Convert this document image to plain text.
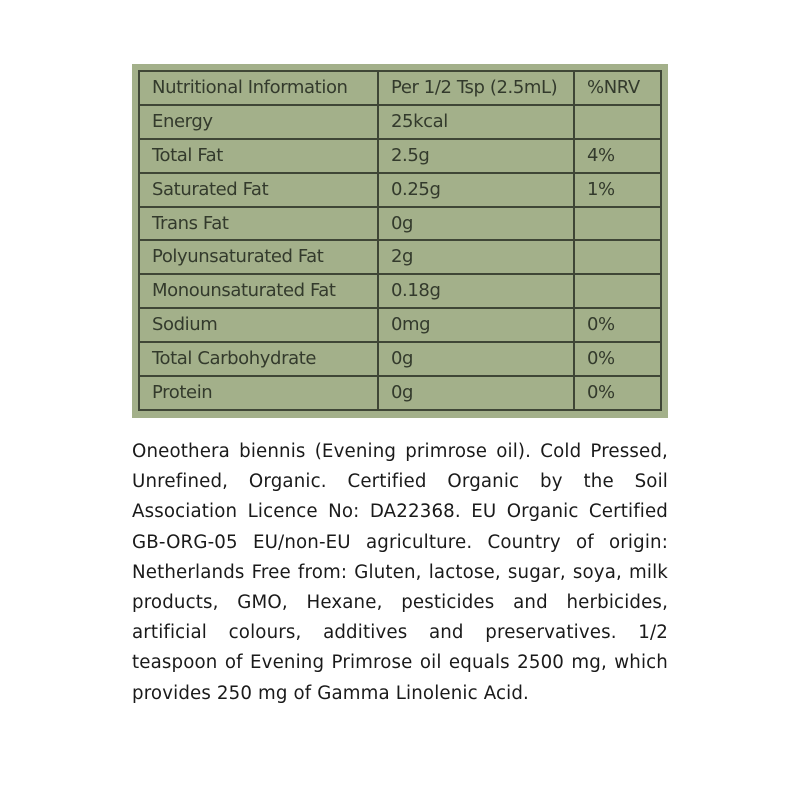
Nutritional Information	Per 1/2 Tsp (2.5mL)	%NRV
Energy	25kcal	
Total Fat	2.5g	4%
Saturated Fat	0.25g	1%
Trans Fat	0g	
Polyunsaturated Fat	2g	
Monounsaturated Fat	0.18g	
Sodium	0mg	0%
Total Carbohydrate	0g	0%
Protein	0g	0%

Oneothera biennis (Evening primrose oil). Cold Pressed, Unrefined, Organic. Certified Organic by the Soil Association Licence No: DA22368. EU Organic Certified GB-ORG-05 EU/non-EU agriculture. Country of origin: Netherlands Free from: Gluten, lactose, sugar, soya, milk products, GMO, Hexane, pesticides and herbicides, artificial colours, additives and preservatives. 1/2 teaspoon of Evening Primrose oil equals 2500 mg, which provides 250 mg of Gamma Linolenic Acid.
